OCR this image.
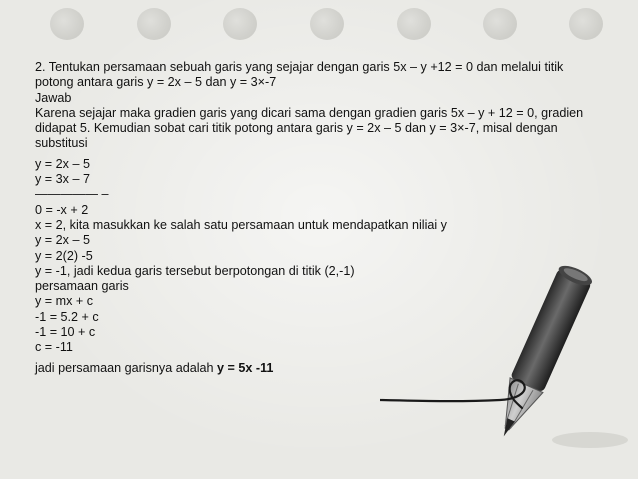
2. Tentukan persamaan sebuah garis yang sejajar dengan garis 5x – y +12 = 0 dan melalui titik potong antara garis y = 2x – 5 dan y = 3×-7
Jawab
Karena sejajar maka gradien garis yang dicari sama dengan gradien garis 5x – y + 12 = 0, gradien didapat 5. Kemudian sobat cari titik potong antara garis y = 2x – 5 dan y = 3×-7, misal dengan substitusi
y = 2x – 5
y = 3x – 7
————— –
0 = -x + 2
x = 2, kita masukkan ke salah satu persamaan untuk mendapatkan niliai y
y = 2x – 5
y = 2(2) -5
y = -1, jadi kedua garis tersebut berpotongan di titik (2,-1)
persamaan garis
y = mx + c
-1 = 5.2 + c
-1 = 10 + c
c = -11
jadi persamaan garisnya adalah y = 5x -11
